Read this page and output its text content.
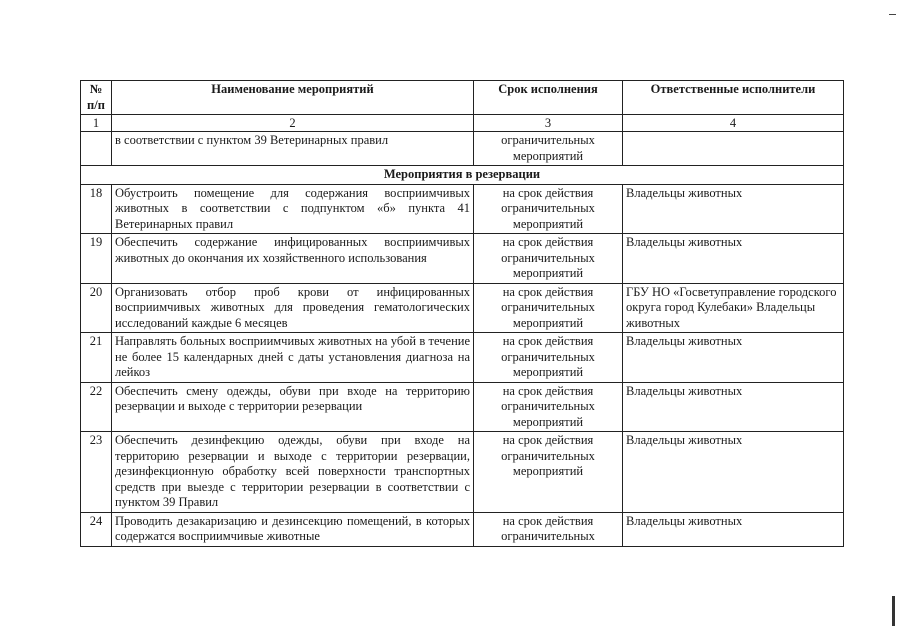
№ п/п	Наименование мероприятий	Срок исполнения	Ответственные исполнители
1	2	3	4
	в соответствии с пунктом 39 Ветеринарных правил	ограничительных мероприятий	
Мероприятия в резервации			
18	Обустроить помещение для содержания восприимчивых животных в соответствии с подпунктом «б» пункта 41 Ветеринарных правил	на срок действия ограничительных мероприятий	Владельцы животных
19	Обеспечить содержание инфицированных восприимчивых животных до окончания их хозяйственного использования	на срок действия ограничительных мероприятий	Владельцы животных
20	Организовать отбор проб крови от инфицированных восприимчивых животных для проведения гематологических исследований каждые 6 месяцев	на срок действия ограничительных мероприятий	ГБУ НО «Госветуправление городского округа город Кулебаки» Владельцы животных
21	Направлять больных восприимчивых животных на убой в течение не более 15 календарных дней с даты установления диагноза на лейкоз	на срок действия ограничительных мероприятий	Владельцы животных
22	Обеспечить смену одежды, обуви при входе на территорию резервации и выходе с территории резервации	на срок действия ограничительных мероприятий	Владельцы животных
23	Обеспечить дезинфекцию одежды, обуви при входе на территорию резервации и выходе с территории резервации, дезинфекционную обработку всей поверхности транспортных средств при выезде с территории резервации в соответствии с пунктом 39 Правил	на срок действия ограничительных мероприятий	Владельцы животных
24	Проводить дезакаризацию и дезинсекцию помещений, в которых содержатся восприимчивые животные	на срок действия ограничительных	Владельцы животных
